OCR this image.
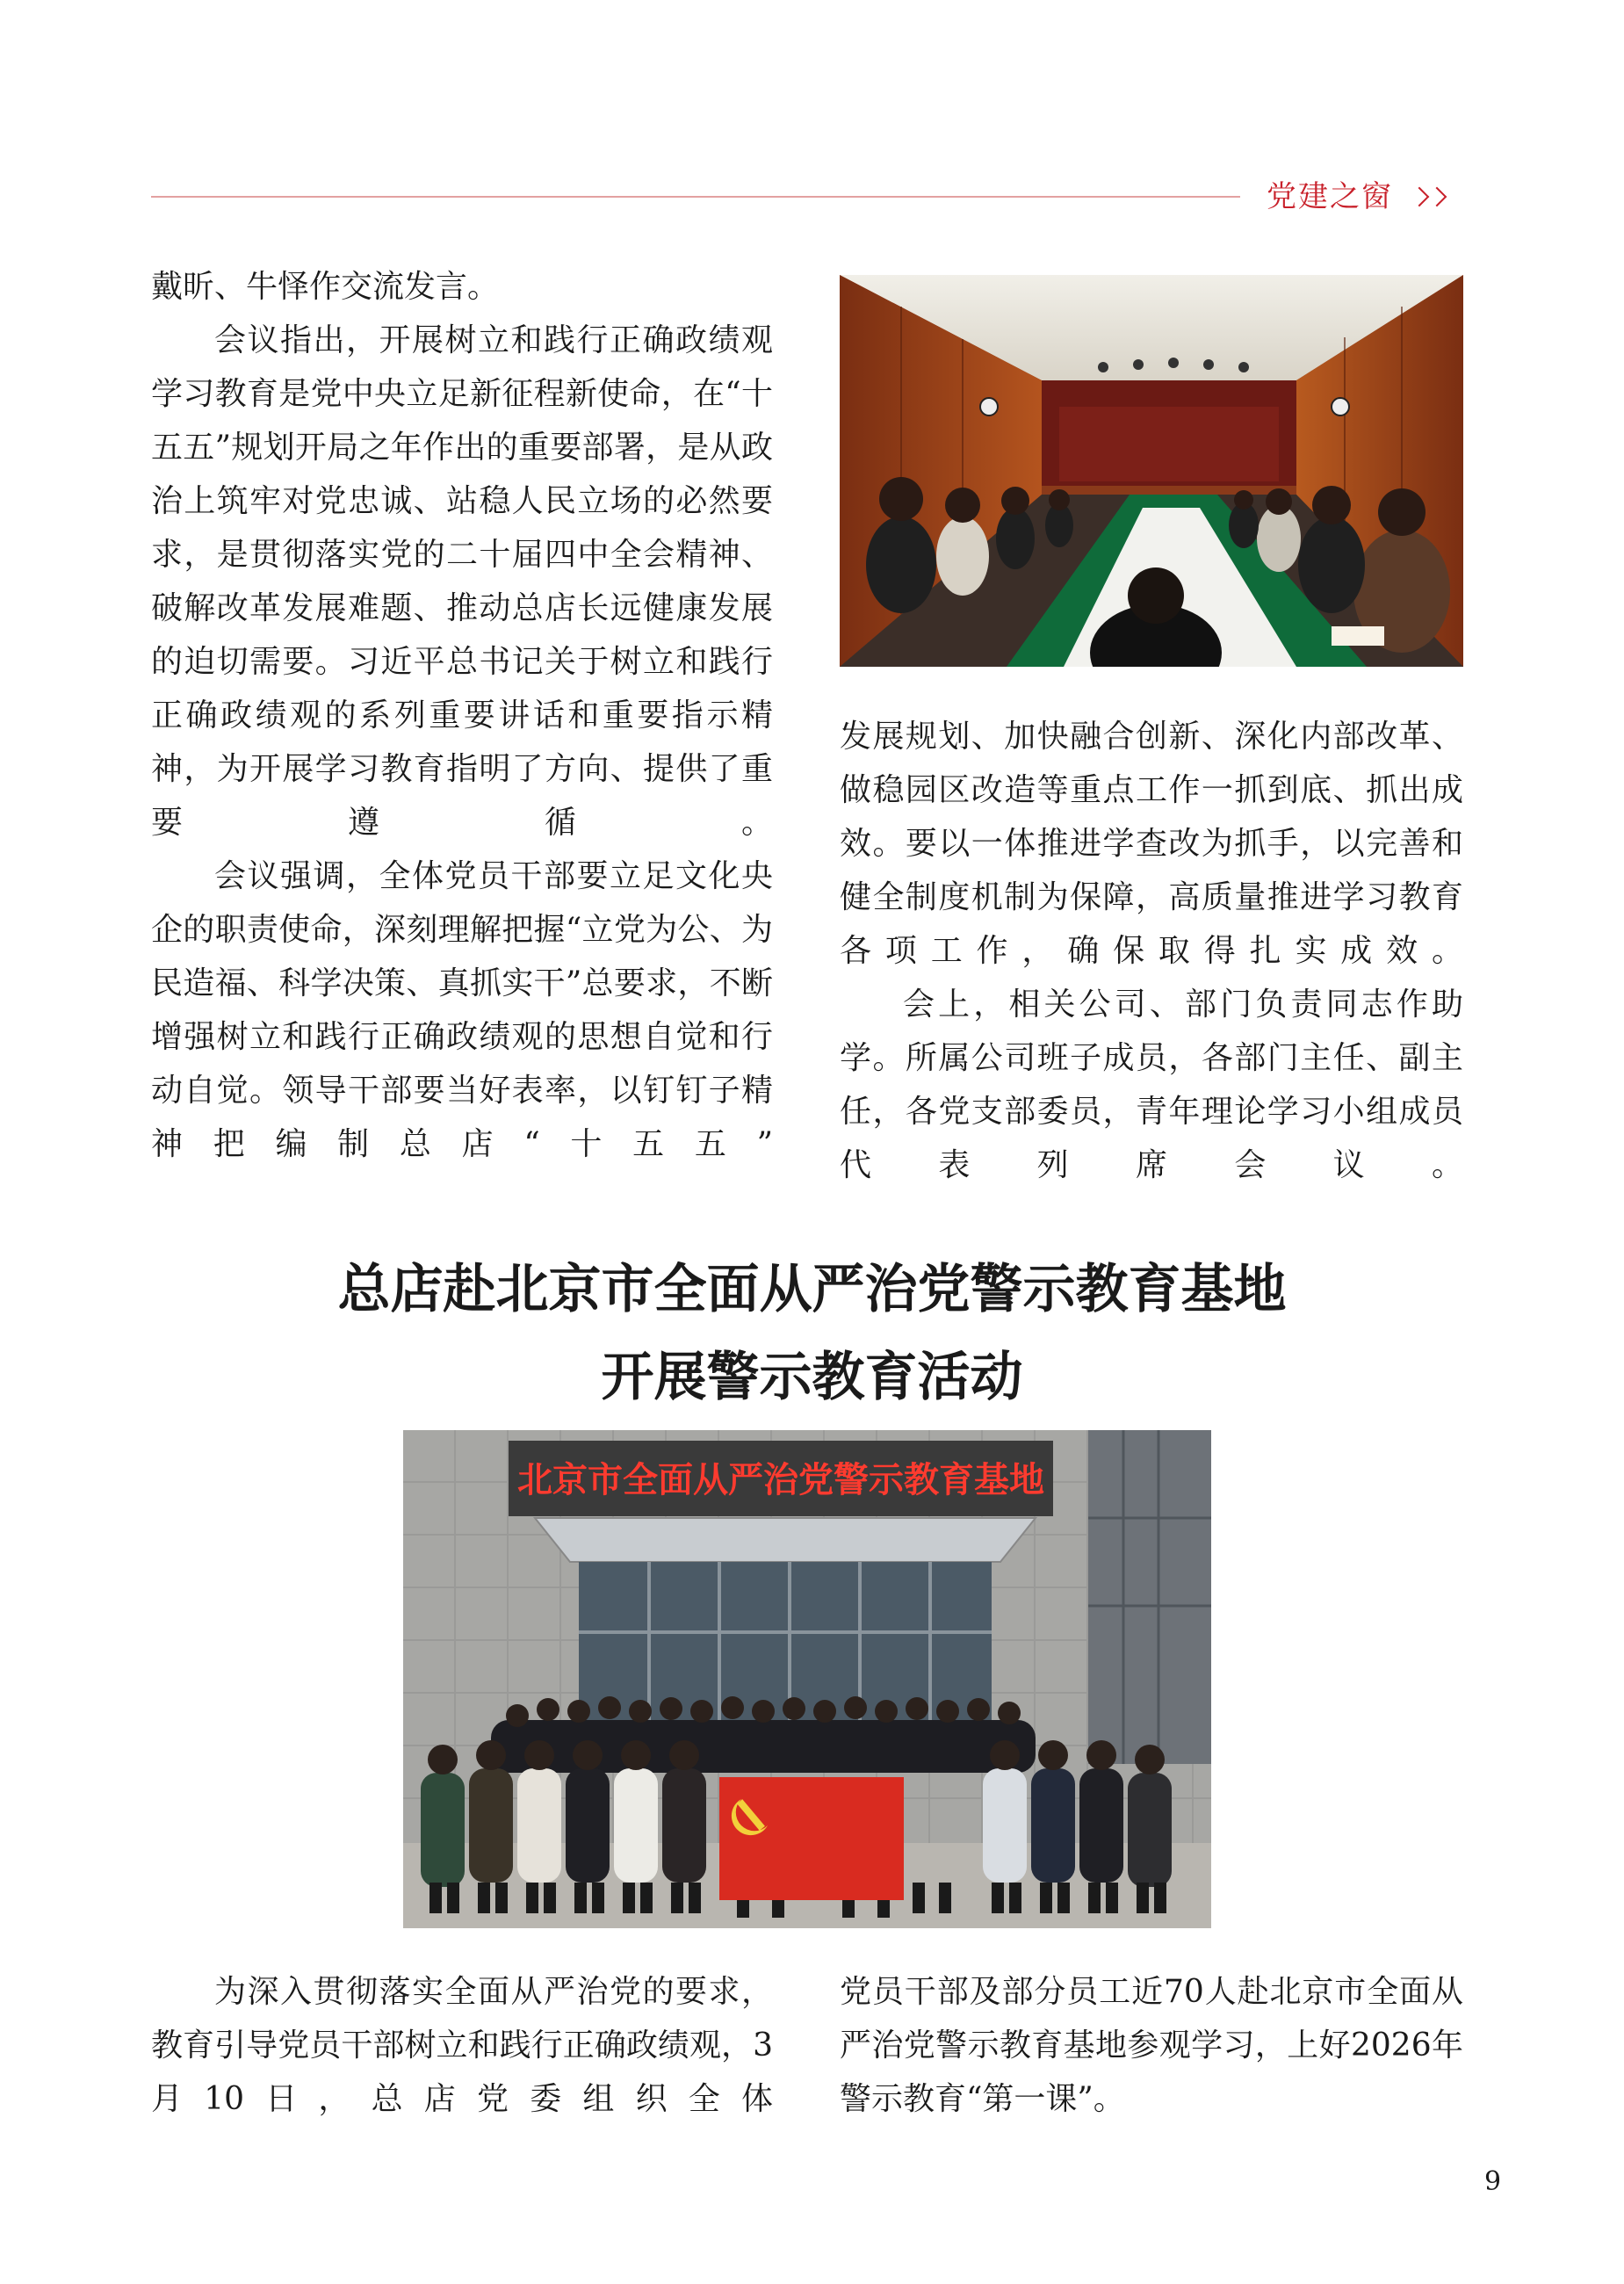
党建之窗

戴昕、牛怿作交流发言。

会议指出，开展树立和践行正确政绩观学习教育是党中央立足新征程新使命，在“十五五”规划开局之年作出的重要部署，是从政治上筑牢对党忠诚、站稳人民立场的必然要求，是贯彻落实党的二十届四中全会精神、破解改革发展难题、推动总店长远健康发展的迫切需要。习近平总书记关于树立和践行正确政绩观的系列重要讲话和重要指示精神，为开展学习教育指明了方向、提供了重要遵循。

会议强调，全体党员干部要立足文化央企的职责使命，深刻理解把握“立党为公、为民造福、科学决策、真抓实干”总要求，不断增强树立和践行正确政绩观的思想自觉和行动自觉。领导干部要当好表率，以钉钉子精神把编制总店“十五五”

发展规划、加快融合创新、深化内部改革、做稳园区改造等重点工作一抓到底、抓出成效。要以一体推进学查改为抓手，以完善和健全制度机制为保障，高质量推进学习教育各项工作，确保取得扎实成效。

会上，相关公司、部门负责同志作助学。所属公司班子成员，各部门主任、副主任，各党支部委员，青年理论学习小组成员代表列席会议。

总店赴北京市全面从严治党警示教育基地
开展警示教育活动
北京市全面从严治党警示教育基地

为深入贯彻落实全面从严治党的要求，教育引导党员干部树立和践行正确政绩观，3月10日，总店党委组织全体

党员干部及部分员工近70人赴北京市全面从严治党警示教育基地参观学习，上好2026年警示教育“第一课”。

9
